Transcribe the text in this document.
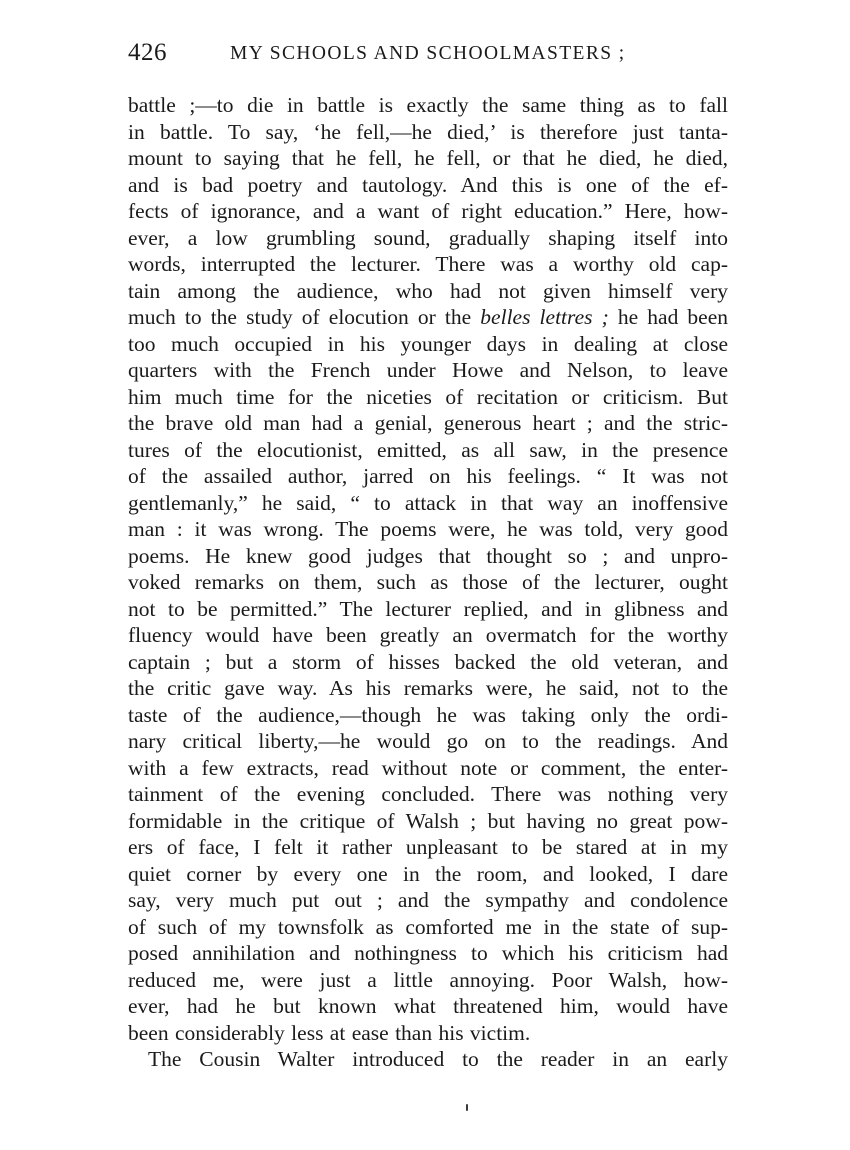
426	MY SCHOOLS AND SCHOOLMASTERS ;
battle ;—to die in battle is exactly the same thing as to fall
in battle. To say, ‘he fell,—he died,’ is therefore just tanta-
mount to saying that he fell, he fell, or that he died, he died,
and is bad poetry and tautology. And this is one of the ef-
fects of ignorance, and a want of right education.” Here, how-
ever, a low grumbling sound, gradually shaping itself into
words, interrupted the lecturer. There was a worthy old cap-
tain among the audience, who had not given himself very
much to the study of elocution or the belles lettres ; he had been
too much occupied in his younger days in dealing at close
quarters with the French under Howe and Nelson, to leave
him much time for the niceties of recitation or criticism. But
the brave old man had a genial, generous heart ; and the stric-
tures of the elocutionist, emitted, as all saw, in the presence
of the assailed author, jarred on his feelings. “ It was not
gentlemanly,” he said, “ to attack in that way an inoffensive
man : it was wrong. The poems were, he was told, very good
poems. He knew good judges that thought so ; and unpro-
voked remarks on them, such as those of the lecturer, ought
not to be permitted.” The lecturer replied, and in glibness and
fluency would have been greatly an overmatch for the worthy
captain ; but a storm of hisses backed the old veteran, and
the critic gave way. As his remarks were, he said, not to the
taste of the audience,—though he was taking only the ordi-
nary critical liberty,—he would go on to the readings. And
with a few extracts, read without note or comment, the enter-
tainment of the evening concluded. There was nothing very
formidable in the critique of Walsh ; but having no great pow-
ers of face, I felt it rather unpleasant to be stared at in my
quiet corner by every one in the room, and looked, I dare
say, very much put out ; and the sympathy and condolence
of such of my townsfolk as comforted me in the state of sup-
posed annihilation and nothingness to which his criticism had
reduced me, were just a little annoying. Poor Walsh, how-
ever, had he but known what threatened him, would have
been considerably less at ease than his victim.
The Cousin Walter introduced to the reader in an early
